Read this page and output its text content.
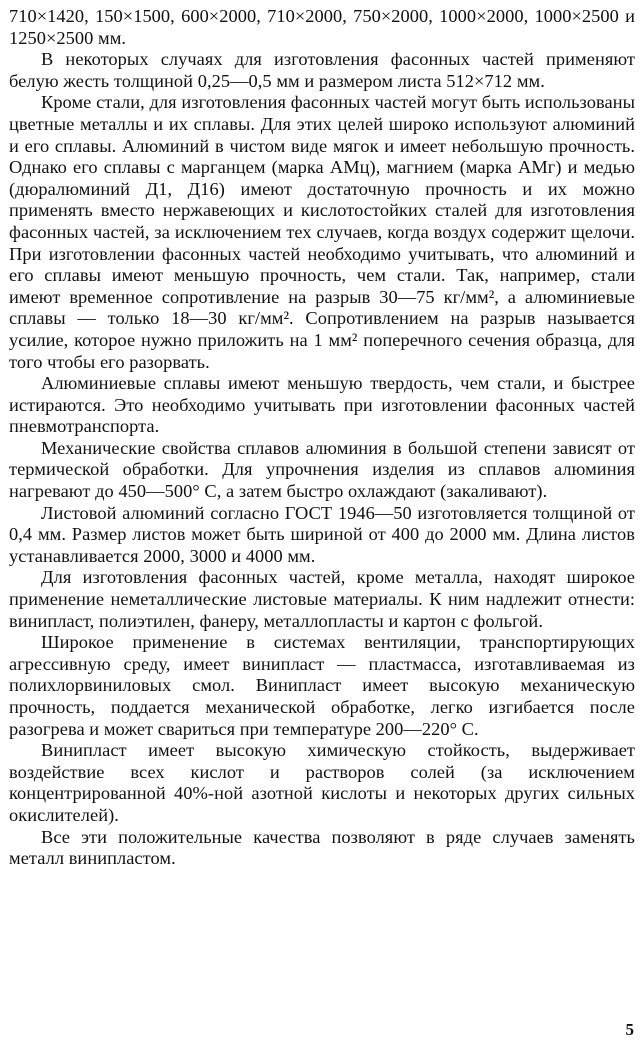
710×1420, 150×1500, 600×2000, 710×2000, 750×2000, 1000×2000, 1000×2500 и 1250×2500 мм.

В некоторых случаях для изготовления фасонных частей применяют белую жесть толщиной 0,25—0,5 мм и размером листа 512×712 мм.

Кроме стали, для изготовления фасонных частей могут быть использованы цветные металлы и их сплавы. Для этих целей широко используют алюминий и его сплавы. Алюминий в чистом виде мягок и имеет небольшую прочность. Однако его сплавы с марганцем (марка АМц), магнием (марка АМг) и медью (дюралюминий Д1, Д16) имеют достаточную прочность и их можно применять вместо нержавеющих и кислотостойких сталей для изготовления фасонных частей, за исключением тех случаев, когда воздух содержит щелочи. При изготовлении фасонных частей необходимо учитывать, что алюминий и его сплавы имеют меньшую прочность, чем стали. Так, например, стали имеют временное сопротивление на разрыв 30—75 кг/мм², а алюминиевые сплавы — только 18—30 кг/мм². Сопротивлением на разрыв называется усилие, которое нужно приложить на 1 мм² поперечного сечения образца, для того чтобы его разорвать.

Алюминиевые сплавы имеют меньшую твердость, чем стали, и быстрее истираются. Это необходимо учитывать при изготовлении фасонных частей пневмотранспорта.

Механические свойства сплавов алюминия в большой степени зависят от термической обработки. Для упрочнения изделия из сплавов алюминия нагревают до 450—500° С, а затем быстро охлаждают (закаливают).

Листовой алюминий согласно ГОСТ 1946—50 изготовляется толщиной от 0,4 мм. Размер листов может быть шириной от 400 до 2000 мм. Длина листов устанавливается 2000, 3000 и 4000 мм.

Для изготовления фасонных частей, кроме металла, находят широкое применение неметаллические листовые материалы. К ним надлежит отнести: винипласт, полиэтилен, фанеру, металлопласты и картон с фольгой.

Широкое применение в системах вентиляции, транспортирующих агрессивную среду, имеет винипласт — пластмасса, изготавливаемая из полихлорвиниловых смол. Винипласт имеет высокую механическую прочность, поддается механической обработке, легко изгибается после разогрева и может свариться при температуре 200—220° С.

Винипласт имеет высокую химическую стойкость, выдерживает воздействие всех кислот и растворов солей (за исключением концентрированной 40%-ной азотной кислоты и некоторых других сильных окислителей).

Все эти положительные качества позволяют в ряде случаев заменять металл винипластом.

5
